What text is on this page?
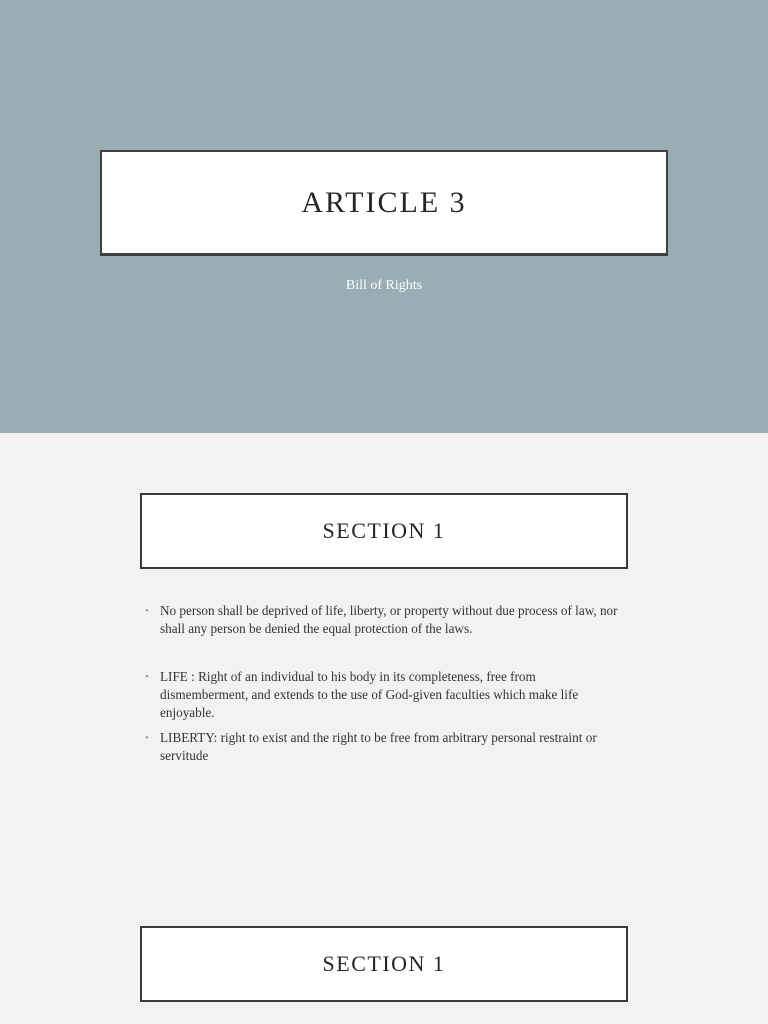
ARTICLE 3
Bill of Rights
SECTION 1
• No person shall be deprived of life, liberty, or property without due process of law, nor shall any person be denied the equal protection of the laws.
• LIFE : Right of an individual to his body in its completeness, free from dismemberment, and extends to the use of God-given faculties which make life enjoyable.
• LIBERTY: right to exist and the right to be free from arbitrary personal restraint or servitude
SECTION 1
